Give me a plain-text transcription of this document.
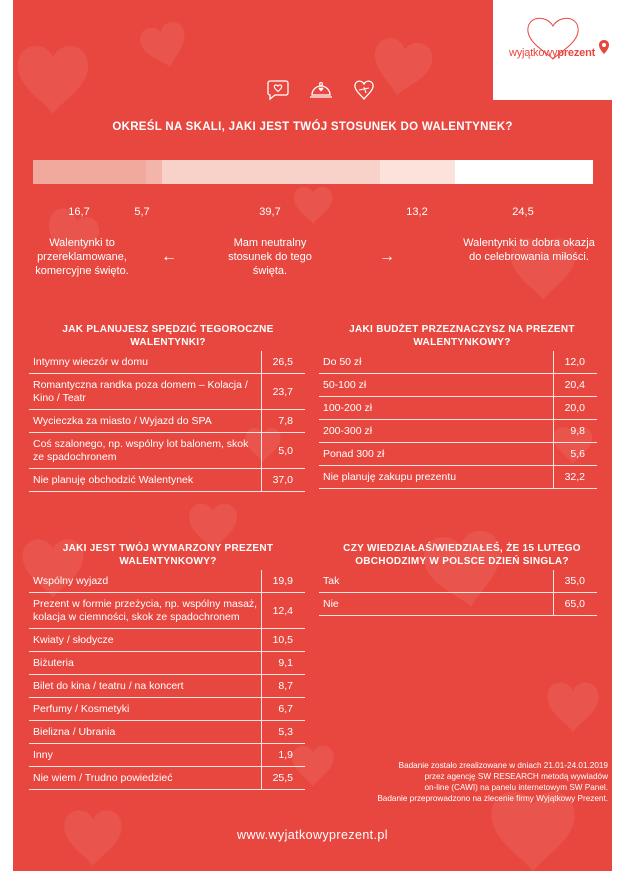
wyjątkowyprezent
OKREŚL NA SKALI, JAKI JEST TWÓJ STOSUNEK DO WALENTYNEK?
16,7	5,7	39,7	13,2	24,5
Walentynki to przereklamowane, komercyjne święto.
←
Mam neutralny stosunek do tego święta.
→
Walentynki to dobra okazja do celebrowania miłości.
JAK PLANUJESZ SPĘDZIĆ TEGOROCZNE WALENTYNKI?
Intymny wieczór w domu	26,5
Romantyczna randka poza domem – Kolacja / Kino / Teatr	23,7
Wycieczka za miasto / Wyjazd do SPA	7,8
Coś szalonego, np. wspólny lot balonem, skok ze spadochronem	5,0
Nie planuję obchodzić Walentynek	37,0
JAKI BUDŻET PRZEZNACZYSZ NA PREZENT WALENTYNKOWY?
Do 50 zł	12,0
50-100 zł	20,4
100-200 zł	20,0
200-300 zł	9,8
Ponad 300 zł	5,6
Nie planuję zakupu prezentu	32,2
JAKI JEST TWÓJ WYMARZONY PREZENT WALENTYNKOWY?
Wspólny wyjazd	19,9
Prezent w formie przeżycia, np. wspólny masaż, kolacja w ciemności, skok ze spadochronem	12,4
Kwiaty / słodycze	10,5
Biżuteria	9,1
Bilet do kina / teatru / na koncert	8,7
Perfumy / Kosmetyki	6,7
Bielizna / Ubrania	5,3
Inny	1,9
Nie wiem / Trudno powiedzieć	25,5
CZY WIEDZIAŁAŚ/WIEDZIAŁEŚ, ŻE 15 LUTEGO OBCHODZIMY W POLSCE DZIEŃ SINGLA?
Tak	35,0
Nie	65,0
Badanie zostało zrealizowane w dniach 21.01-24.01.2019
przez agencję SW RESEARCH metodą wywiadów
on-line (CAWI) na panelu internetowym SW Panel.
Badanie przeprowadzono na zlecenie firmy Wyjątkowy Prezent.
www.wyjatkowyprezent.pl
